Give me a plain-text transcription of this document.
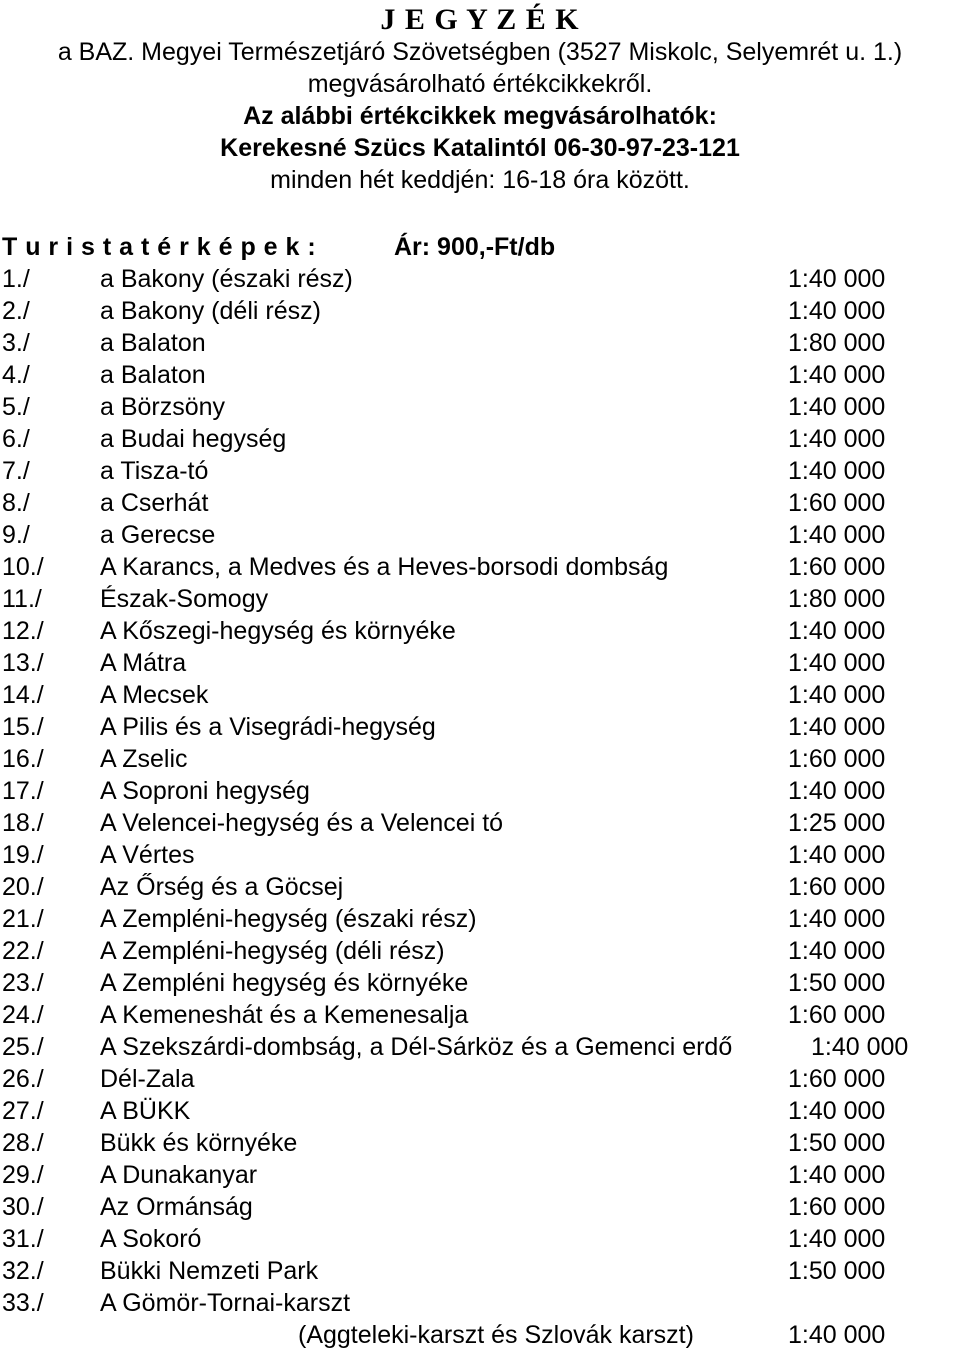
J E G Y Z É K
a BAZ. Megyei Természetjáró Szövetségben (3527 Miskolc, Selyemrét u. 1.)
megvásárolható értékcikkekről.
Az alábbi értékcikkek megvásárolhatók:
Kerekesné Szücs Katalintól 06-30-97-23-121
minden hét keddjén: 16-18 óra között.
T u r i s t a t é r k é p e k :	Ár: 900,-Ft/db
1./	a Bakony (északi rész)	1:40 000
2./	a Bakony (déli rész)	1:40 000
3./	a Balaton	1:80 000
4./	a Balaton	1:40 000
5./	a Börzsöny	1:40 000
6./	a Budai hegység	1:40 000
7./	a Tisza-tó	1:40 000
8./	a Cserhát	1:60 000
9./	a Gerecse	1:40 000
10./ A Karancs, a Medves és a Heves-borsodi dombság	1:60 000
11./ Észak-Somogy	1:80 000
12./ A Kőszegi-hegység és környéke	1:40 000
13./ A Mátra	1:40 000
14./ A Mecsek	1:40 000
15./ A Pilis és a Visegrádi-hegység	1:40 000
16./ A Zselic	1:60 000
17./ A Soproni hegység	1:40 000
18./ A Velencei-hegység és a Velencei tó	1:25 000
19./ A Vértes	1:40 000
20./ Az Őrség és a Göcsej	1:60 000
21./ A Zempléni-hegység (északi rész)	1:40 000
22./ A Zempléni-hegység (déli rész)	1:40 000
23./ A Zempléni hegység és környéke	1:50 000
24./ A Kemeneshát és a Kemenesalja	1:60 000
25./ A Szekszárdi-dombság, a Dél-Sárköz és a Gemenci erdő	1:40 000
26./ Dél-Zala	1:60 000
27./ A BÜKK	1:40 000
28./ Bükk és környéke	1:50 000
29./ A Dunakanyar	1:40 000
30./ Az Ormánság	1:60 000
31./ A Sokoró	1:40 000
32./ Bükki Nemzeti Park	1:50 000
33./ A Gömör-Tornai-karszt
(Aggteleki-karszt és Szlovák karszt)	1:40 000
